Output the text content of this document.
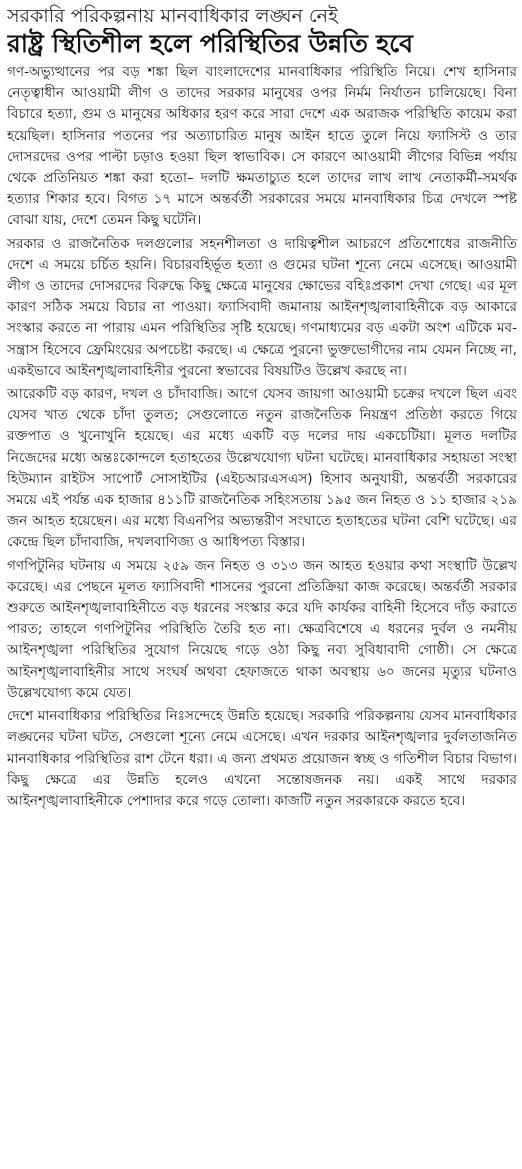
সরকারি পরিকল্পনায় মানবাধিকার লঙ্ঘন নেই
রাষ্ট্র স্থিতিশীল হলে পরিস্থিতির উন্নতি হবে

গণ-অভ্যুত্থানের পর বড় শঙ্কা ছিল বাংলাদেশের মানবাধিকার পরিস্থিতি নিয়ে। শেখ হাসিনার নেতৃত্বাধীন আওয়ামী লীগ ও তাদের সরকার মানুষের ওপর নির্মম নির্যাতন চালিয়েছে। বিনা বিচারে হত্যা, গুম ও মানুষের অধিকার হরণ করে সারা দেশে এক অরাজক পরিস্থিতি কায়েম করা হয়েছিল। হাসিনার পতনের পর অত্যাচারিত মানুষ আইন হাতে তুলে নিয়ে ফ্যাসিস্ট ও তার দোসরদের ওপর পাল্টা চড়াও হওয়া ছিল স্বাভাবিক। সে কারণে আওয়ামী লীগের বিভিন্ন পর্যায় থেকে প্রতিনিয়ত শঙ্কা করা হতো– দলটি ক্ষমতাচ্যুত হলে তাদের লাখ লাখ নেতাকর্মী-সমর্থক হত্যার শিকার হবে। বিগত ১৭ মাসে অন্তর্বর্তী সরকারের সময়ে মানবাধিকার চিত্র দেখলে স্পষ্ট বোঝা যায়, দেশে তেমন কিছু ঘটেনি।

সরকার ও রাজনৈতিক দলগুলোর সহনশীলতা ও দায়িত্বশীল আচরণে প্রতিশোধের রাজনীতি দেশে এ সময়ে চর্চিত হয়নি। বিচারবহির্ভূত হত্যা ও গুমের ঘটনা শূন্যে নেমে এসেছে। আওয়ামী লীগ ও তাদের দোসরদের বিরুদ্ধে কিছু ক্ষেত্রে মানুষের ক্ষোভের বহিঃপ্রকাশ দেখা গেছে। এর মূল কারণ সঠিক সময়ে বিচার না পাওয়া। ফ্যাসিবাদী জমানায় আইনশৃঙ্খলাবাহিনীকে বড় আকারে সংস্কার করতে না পারায় এমন পরিস্থিতির সৃষ্টি হয়েছে। গণমাধ্যমের বড় একটা অংশ এটিকে মব-সন্ত্রাস হিসেবে ফ্রেমিংয়ের অপচেষ্টা করছে। এ ক্ষেত্রে পুরনো ভুক্তভোগীদের নাম যেমন নিচ্ছে না, একইভাবে আইনশৃঙ্খলাবাহিনীর পুরনো স্বভাবের বিষয়টিও উল্লেখ করছে না।

আরেকটি বড় কারণ, দখল ও চাঁদাবাজি। আগে যেসব জায়গা আওয়ামী চক্রের দখলে ছিল এবং যেসব খাত থেকে চাঁদা তুলত; সেগুলোতে নতুন রাজনৈতিক নিয়ন্ত্রণ প্রতিষ্ঠা করতে গিয়ে রক্তপাত ও খুনোখুনি হয়েছে। এর মধ্যে একটি বড় দলের দায় একচেটিয়া। মূলত দলটির নিজেদের মধ্যে অন্তঃকোন্দলে হতাহতের উল্লেখযোগ্য ঘটনা ঘটেছে। মানবাধিকার সহায়তা সংস্থা হিউম্যান রাইটস সাপোর্ট সোসাইটির (এইচআরএসএস) হিসাব অনুযায়ী, অন্তর্বর্তী সরকারের সময়ে এই পর্যন্ত এক হাজার ৪১১টি রাজনৈতিক সহিংসতায় ১৯৫ জন নিহত ও ১১ হাজার ২১৯ জন আহত হয়েছেন। এর মধ্যে বিএনপির অভ্যন্তরীণ সংঘাতে হতাহতের ঘটনা বেশি ঘটেছে। এর কেন্দ্রে ছিল চাঁদাবাজি, দখলবাণিজ্য ও আধিপত্য বিস্তার।

গণপিটুনির ঘটনায় এ সময়ে ২৫৯ জন নিহত ও ৩১৩ জন আহত হওয়ার কথা সংস্থাটি উল্লেখ করেছে। এর পেছনে মূলত ফ্যাসিবাদী শাসনের পুরনো প্রতিক্রিয়া কাজ করেছে। অন্তর্বর্তী সরকার শুরুতে আইনশৃঙ্খলাবাহিনীতে বড় ধরনের সংস্কার করে যদি কার্যকর বাহিনী হিসেবে দাঁড় করাতে পারত; তাহলে গণপিটুনির পরিস্থিতি তৈরি হত না। ক্ষেত্রবিশেষে এ ধরনের দুর্বল ও নমনীয় আইনশৃঙ্খলা পরিস্থিতির সুযোগ নিয়েছে গড়ে ওঠা কিছু নব্য সুবিধাবাদী গোষ্ঠী। সে ক্ষেত্রে আইনশৃঙ্খলাবাহিনীর সাথে সংঘর্ষ অথবা হেফাজতে থাকা অবস্থায় ৬০ জনের মৃত্যুর ঘটনাও উল্লেখযোগ্য কমে যেত।

দেশে মানবাধিকার পরিস্থিতির নিঃসন্দেহে উন্নতি হয়েছে। সরকারি পরিকল্পনায় যেসব মানবাধিকার লঙ্ঘনের ঘটনা ঘটত, সেগুলো শূন্যে নেমে এসেছে। এখন দরকার আইনশৃঙ্খলার দুর্বলতাজনিত মানবাধিকার পরিস্থিতির রাশ টেনে ধরা। এ জন্য প্রথমত প্রয়োজন স্বচ্ছ ও গতিশীল বিচার বিভাগ। কিছু ক্ষেত্রে এর উন্নতি হলেও এখনো সন্তোষজনক নয়। একই সাথে দরকার আইনশৃঙ্খলাবাহিনীকে পেশাদার করে গড়ে তোলা। কাজটি নতুন সরকারকে করতে হবে।
